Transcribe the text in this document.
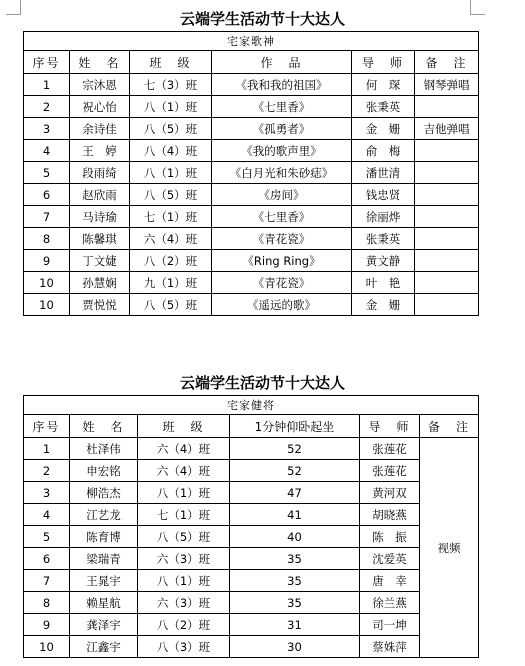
云端学生活动节十大达人
宅家歌神					
序号	姓　名	班　级	作　品	导　师	备　注
1	宗沐恩	七（3）班	《我和我的祖国》	何　琛	钢琴弹唱
2	祝心怡	八（1）班	《七里香》	张秉英	
3	余诗佳	八（5）班	《孤勇者》	金　姗	吉他弹唱
4	王　婷	八（4）班	《我的歌声里》	俞　梅	
5	段雨绮	八（1）班	《白月光和朱砂痣》	潘世清	
6	赵欣雨	八（5）班	《房间》	钱忠贤	
7	马诗瑜	七（1）班	《七里香》	徐丽烨	
8	陈馨琪	六（4）班	《青花瓷》	张秉英	
9	丁文婕	八（2）班	《Ring Ring》	黄文静	
10	孙慧娴	九（1）班	《青花瓷》	叶　艳	
10	贾悦悦	八（5）班	《遥远的歌》	金　姗	
云端学生活动节十大达人
宅家健将					
序号	姓　名	班　级	1分钟仰卧起坐	导　师	备　注
1	杜泽伟	六（4）班	52	张莲花	视频
2	申宏铭	六（4）班	52	张莲花	
3	柳浩杰	八（1）班	47	黄河双	
4	江艺龙	七（1）班	41	胡晓燕	
5	陈育博	八（5）班	40	陈　振	
6	梁瑞青	六（3）班	35	沈爱英	
7	王晁宇	八（1）班	35	唐　幸	
8	赖星航	六（3）班	35	徐兰燕	
9	龚泽宇	八（2）班	31	司一坤	
10	江鑫宇	八（3）班	30	蔡姝萍	
